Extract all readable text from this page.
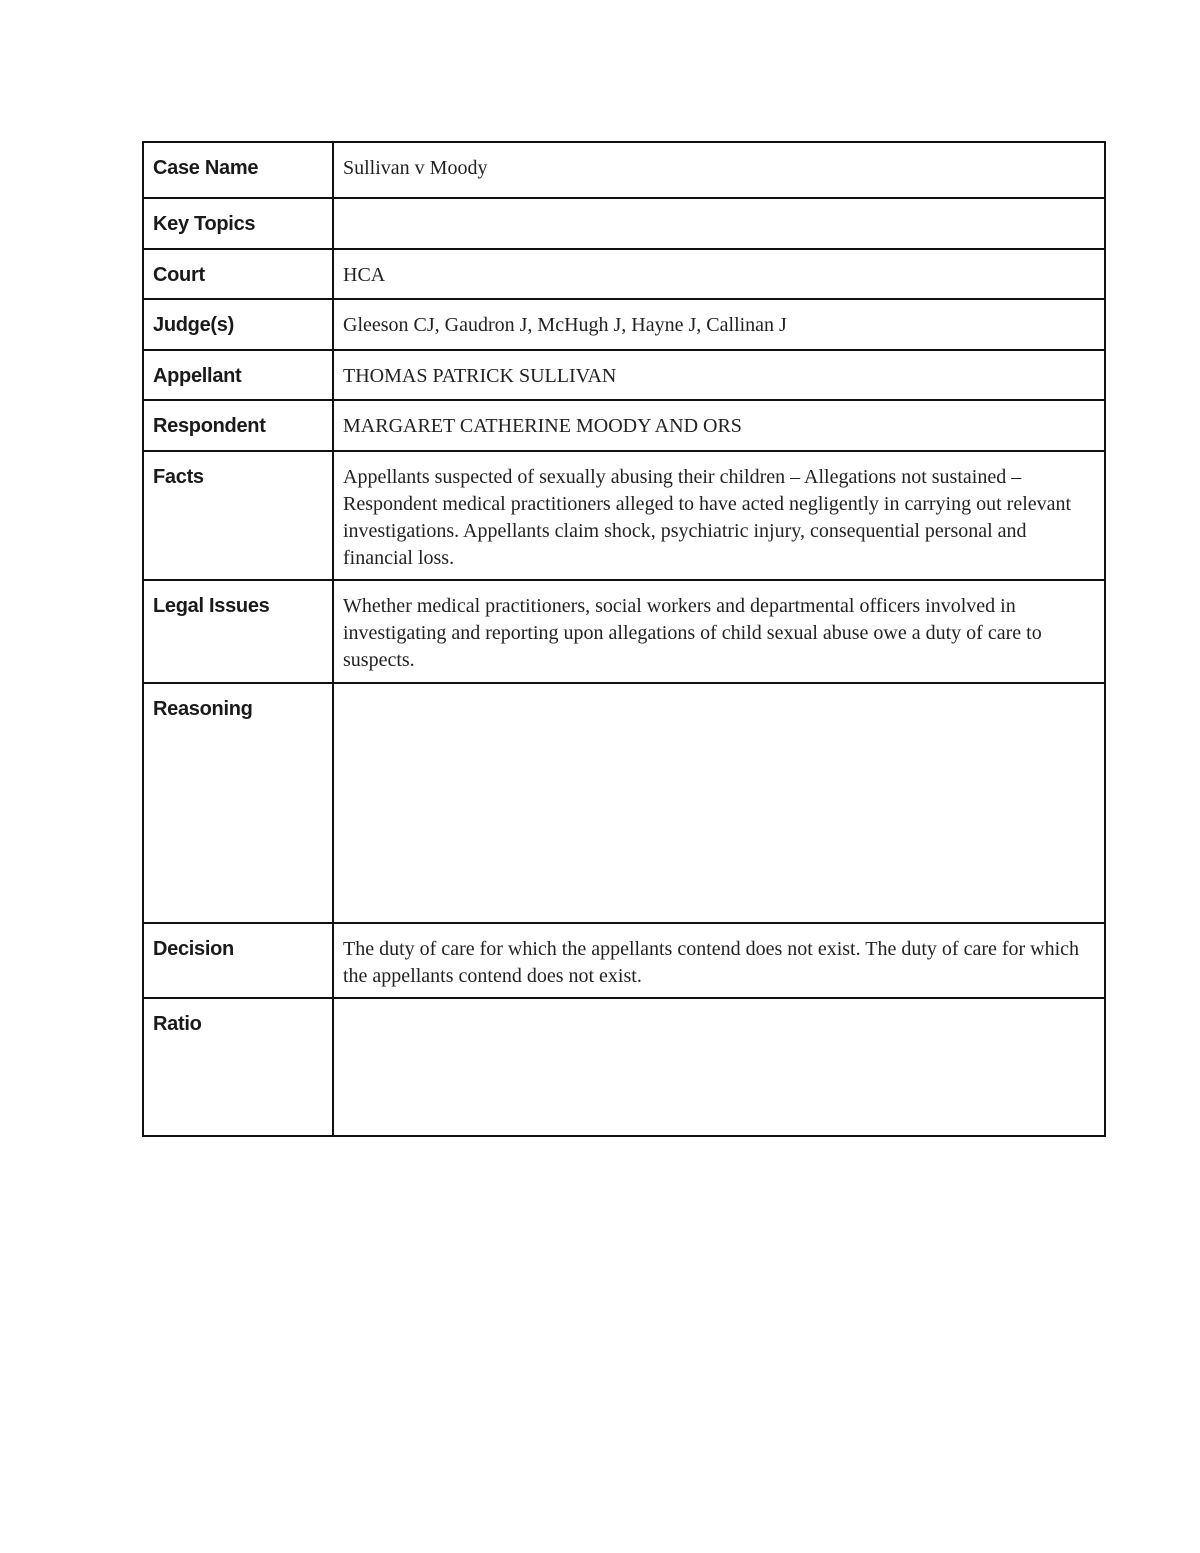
Case Name	Sullivan v Moody
Key Topics	
Court	HCA
Judge(s)	Gleeson CJ, Gaudron J, McHugh J, Hayne J, Callinan J
Appellant	THOMAS PATRICK SULLIVAN
Respondent	MARGARET CATHERINE MOODY AND ORS
Facts	Appellants suspected of sexually abusing their children – Allegations not sustained – Respondent medical practitioners alleged to have acted negligently in carrying out relevant investigations. Appellants claim shock, psychiatric injury, consequential personal and financial loss.
Legal Issues	Whether medical practitioners, social workers and departmental officers involved in investigating and reporting upon allegations of child sexual abuse owe a duty of care to suspects.
Reasoning	
Decision	The duty of care for which the appellants contend does not exist. The duty of care for which the appellants contend does not exist.
Ratio	
